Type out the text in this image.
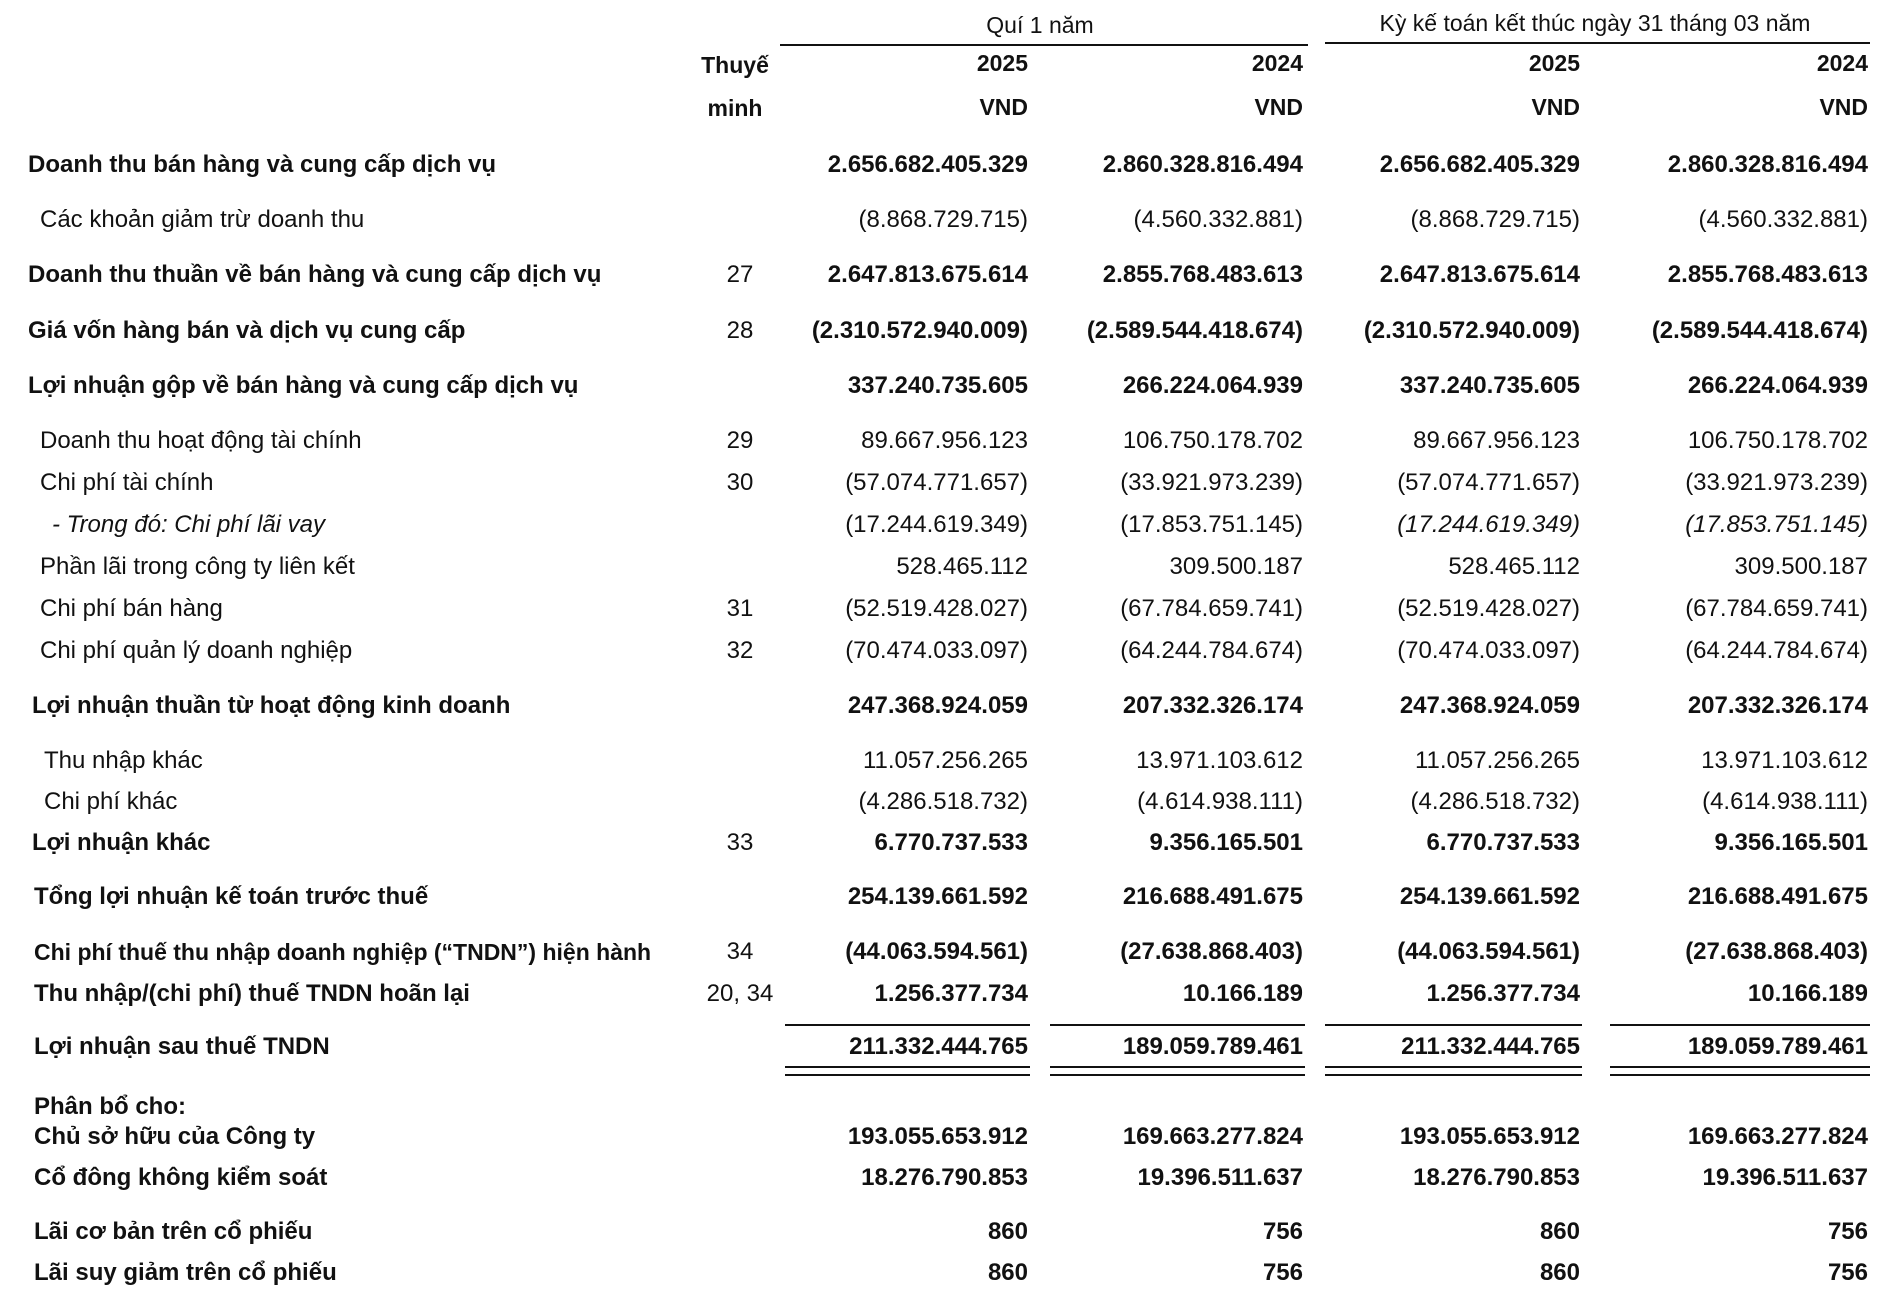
Quí 1 năm	Kỳ kế toán kết thúc ngày 31 tháng 03 năm
Thuyế
minh
2025	2024	2025	2024
VND	VND	VND	VND
Doanh thu bán hàng và cung cấp dịch vụ	2.656.682.405.329	2.860.328.816.494	2.656.682.405.329	2.860.328.816.494
Các khoản giảm trừ doanh thu	(8.868.729.715)	(4.560.332.881)	(8.868.729.715)	(4.560.332.881)
Doanh thu thuần về bán hàng và cung cấp dịch vụ	27	2.647.813.675.614	2.855.768.483.613	2.647.813.675.614	2.855.768.483.613
Giá vốn hàng bán và dịch vụ cung cấp	28	(2.310.572.940.009) (2.589.544.418.674)	(2.310.572.940.009)	(2.589.544.418.674)
Lợi nhuận gộp về bán hàng và cung cấp dịch vụ	337.240.735.605	266.224.064.939	337.240.735.605	266.224.064.939
Doanh thu hoạt động tài chính	29	89.667.956.123	106.750.178.702	89.667.956.123	106.750.178.702
Chi phí tài chính	30	(57.074.771.657)	(33.921.973.239)	(57.074.771.657)	(33.921.973.239)
- Trong đó: Chi phí lãi vay	(17.244.619.349)	(17.853.751.145)	(17.244.619.349)	(17.853.751.145)
Phần lãi trong công ty liên kết	528.465.112	309.500.187	528.465.112	309.500.187
Chi phí bán hàng	31	(52.519.428.027)	(67.784.659.741)	(52.519.428.027)	(67.784.659.741)
Chi phí quản lý doanh nghiệp	32	(70.474.033.097)	(64.244.784.674)	(70.474.033.097)	(64.244.784.674)
Lợi nhuận thuần từ hoạt động kinh doanh	247.368.924.059	207.332.326.174	247.368.924.059	207.332.326.174
Thu nhập khác	11.057.256.265	13.971.103.612	11.057.256.265	13.971.103.612
Chi phí khác	(4.286.518.732)	(4.614.938.111)	(4.286.518.732)	(4.614.938.111)
Lợi nhuận khác	33	6.770.737.533	9.356.165.501	6.770.737.533	9.356.165.501
Tổng lợi nhuận kế toán trước thuế	254.139.661.592	216.688.491.675	254.139.661.592	216.688.491.675
Chi phí thuế thu nhập doanh nghiệp (“TNDN”) hiện hành	34	(44.063.594.561)	(27.638.868.403)	(44.063.594.561)	(27.638.868.403)
Thu nhập/(chi phí) thuế TNDN hoãn lại	20, 34	1.256.377.734	10.166.189	1.256.377.734	10.166.189
Lợi nhuận sau thuế TNDN	211.332.444.765	189.059.789.461	211.332.444.765	189.059.789.461
Phân bổ cho:
Chủ sở hữu của Công ty	193.055.653.912	169.663.277.824	193.055.653.912	169.663.277.824
Cổ đông không kiểm soát	18.276.790.853	19.396.511.637	18.276.790.853	19.396.511.637
Lãi cơ bản trên cổ phiếu	860	756	860	756
Lãi suy giảm trên cổ phiếu	860	756	860	756
